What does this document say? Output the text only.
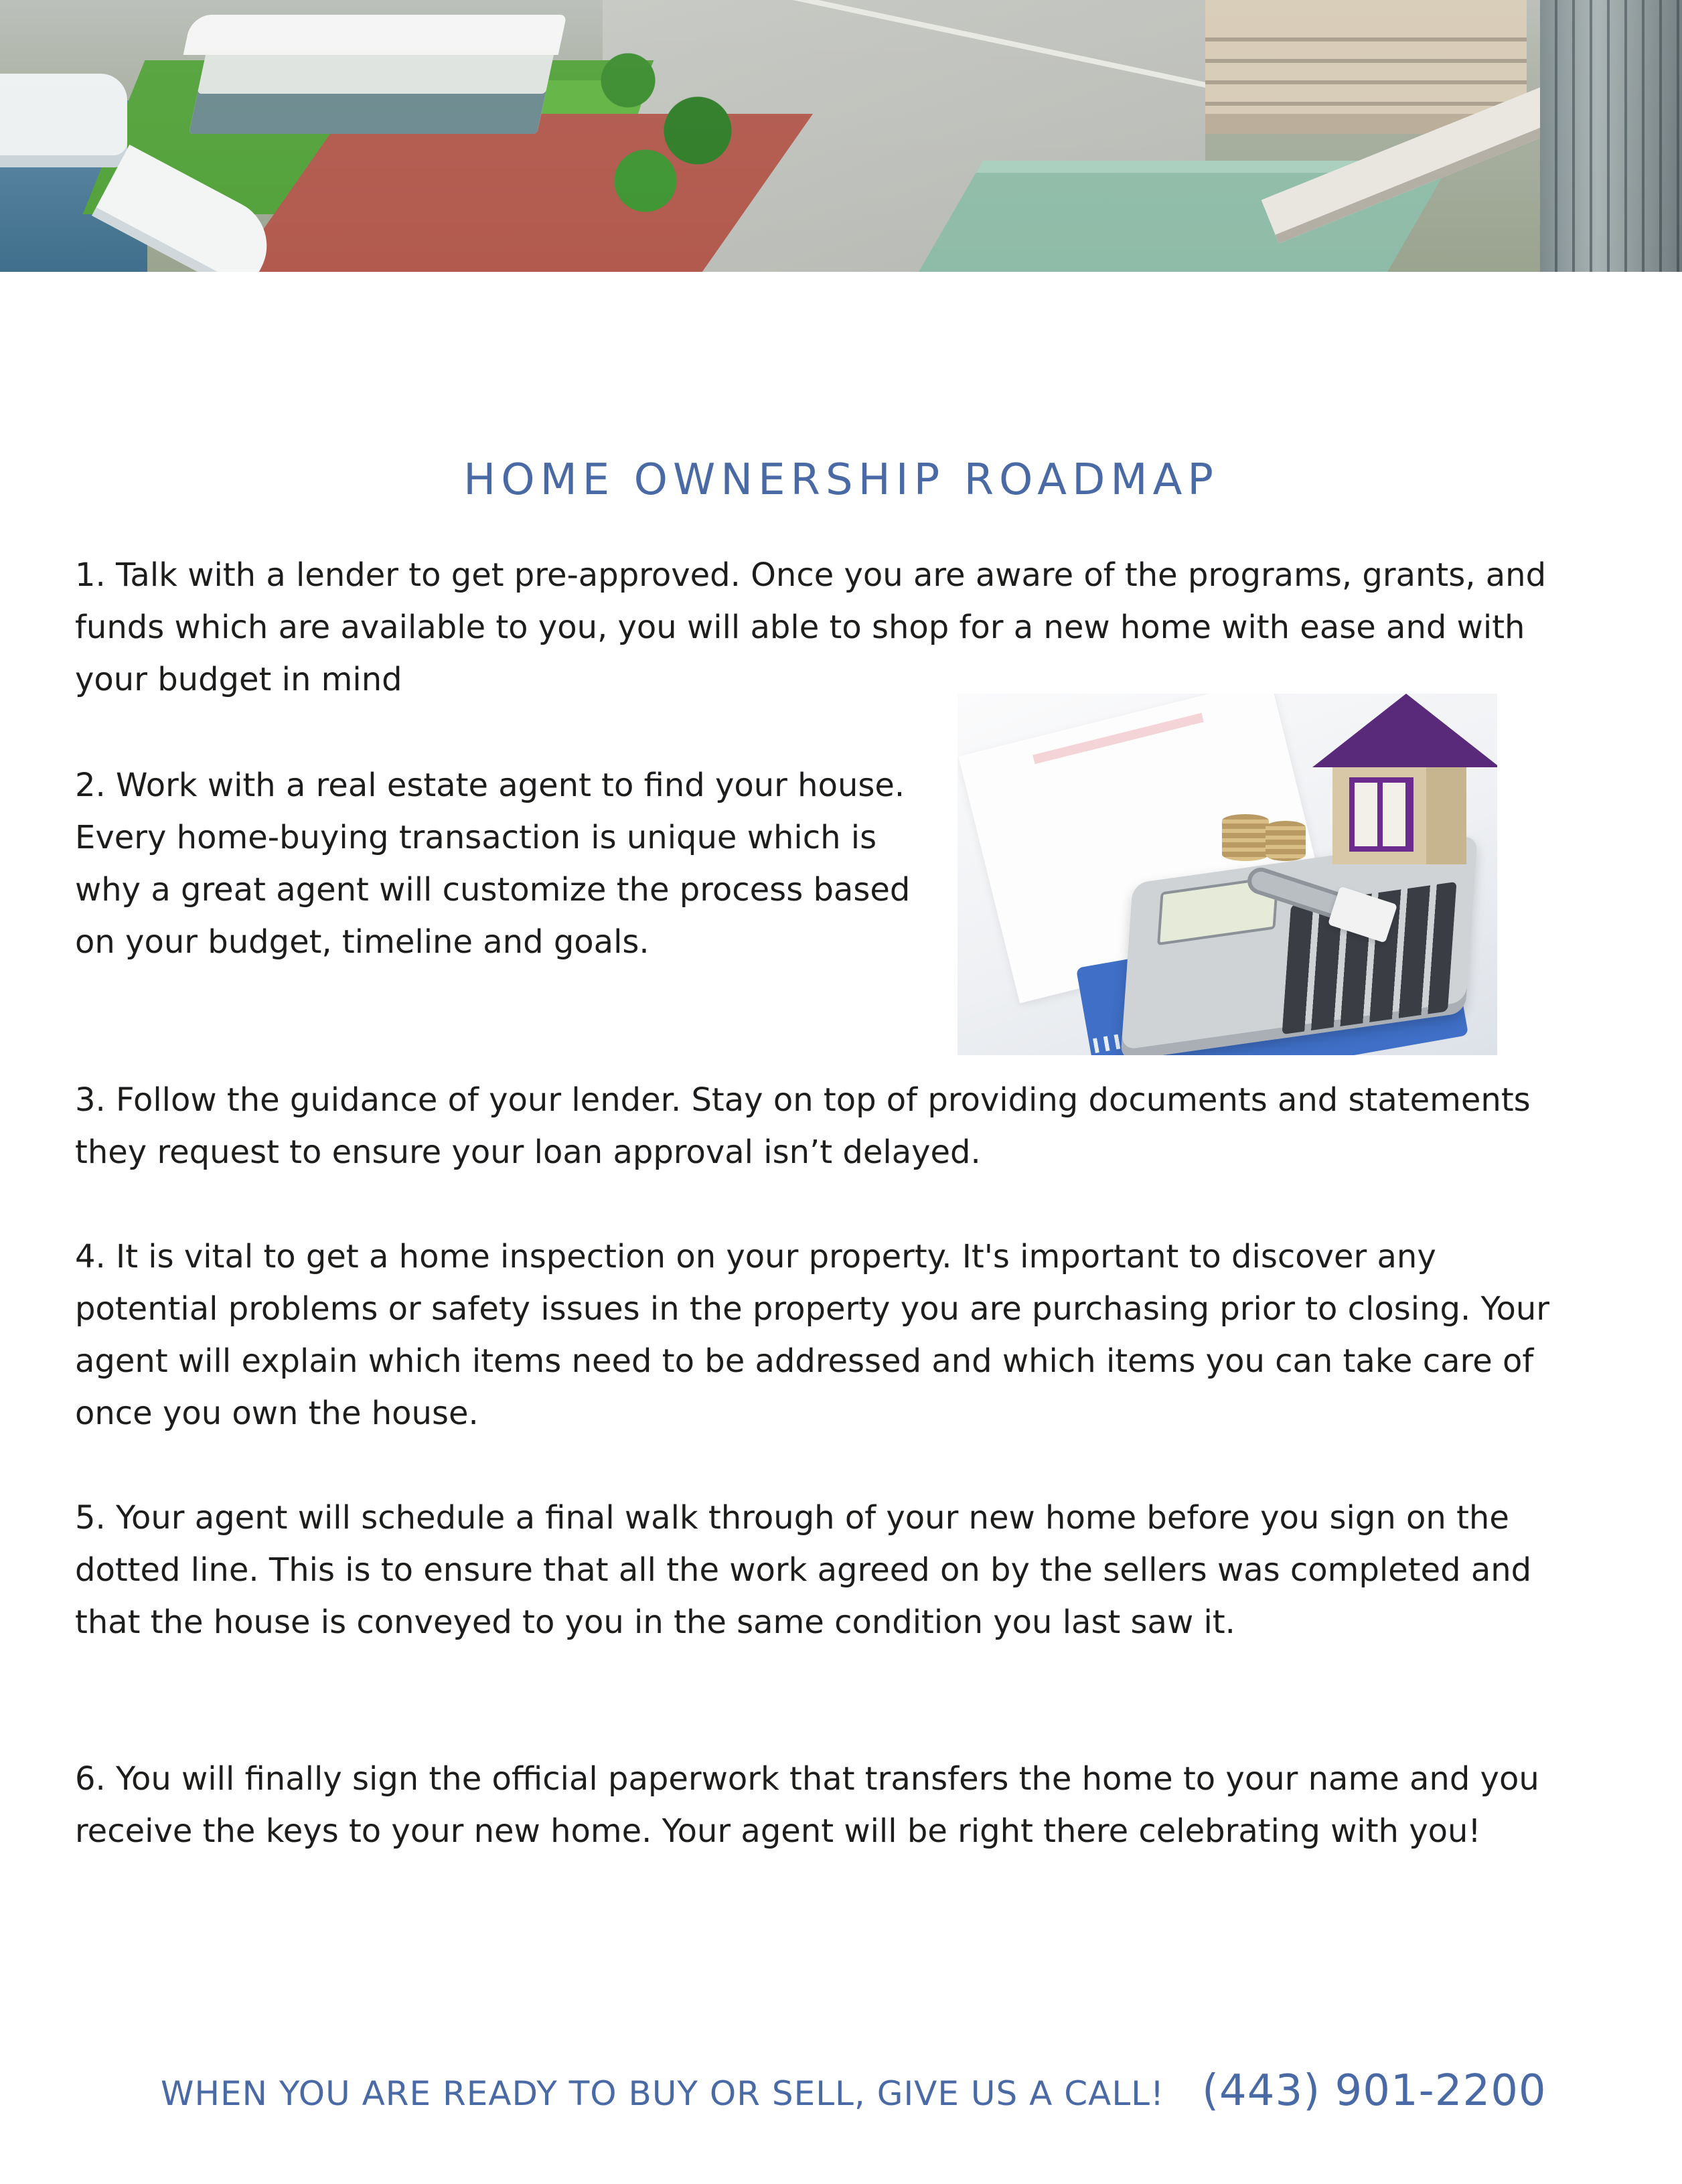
HOME OWNERSHIP ROADMAP

1. Talk with a lender to get pre-approved. Once you are aware of the programs, grants, and funds which are available to you, you will able to shop for a new home with ease and with your budget in mind

2. Work with a real estate agent to find your house. Every home-buying transaction is unique which is why a great agent will customize the process based on your budget, timeline and goals.

3. Follow the guidance of your lender. Stay on top of providing documents and statements they request to ensure your loan approval isn’t delayed.

4. It is vital to get a home inspection on your property. It's important to discover any potential problems or safety issues in the property you are purchasing prior to closing. Your agent will explain which items need to be addressed and which items you can take care of once you own the house.

5. Your agent will schedule a final walk through of your new home before you sign on the dotted line. This is to ensure that all the work agreed on by the sellers was completed and that the house is conveyed to you in the same condition you last saw it.

6. You will finally sign the official paperwork that transfers the home to your name and you receive the keys to your new home. Your agent will be right there celebrating with you!

WHEN YOU ARE READY TO BUY OR SELL, GIVE US A CALL! (443) 901-2200
